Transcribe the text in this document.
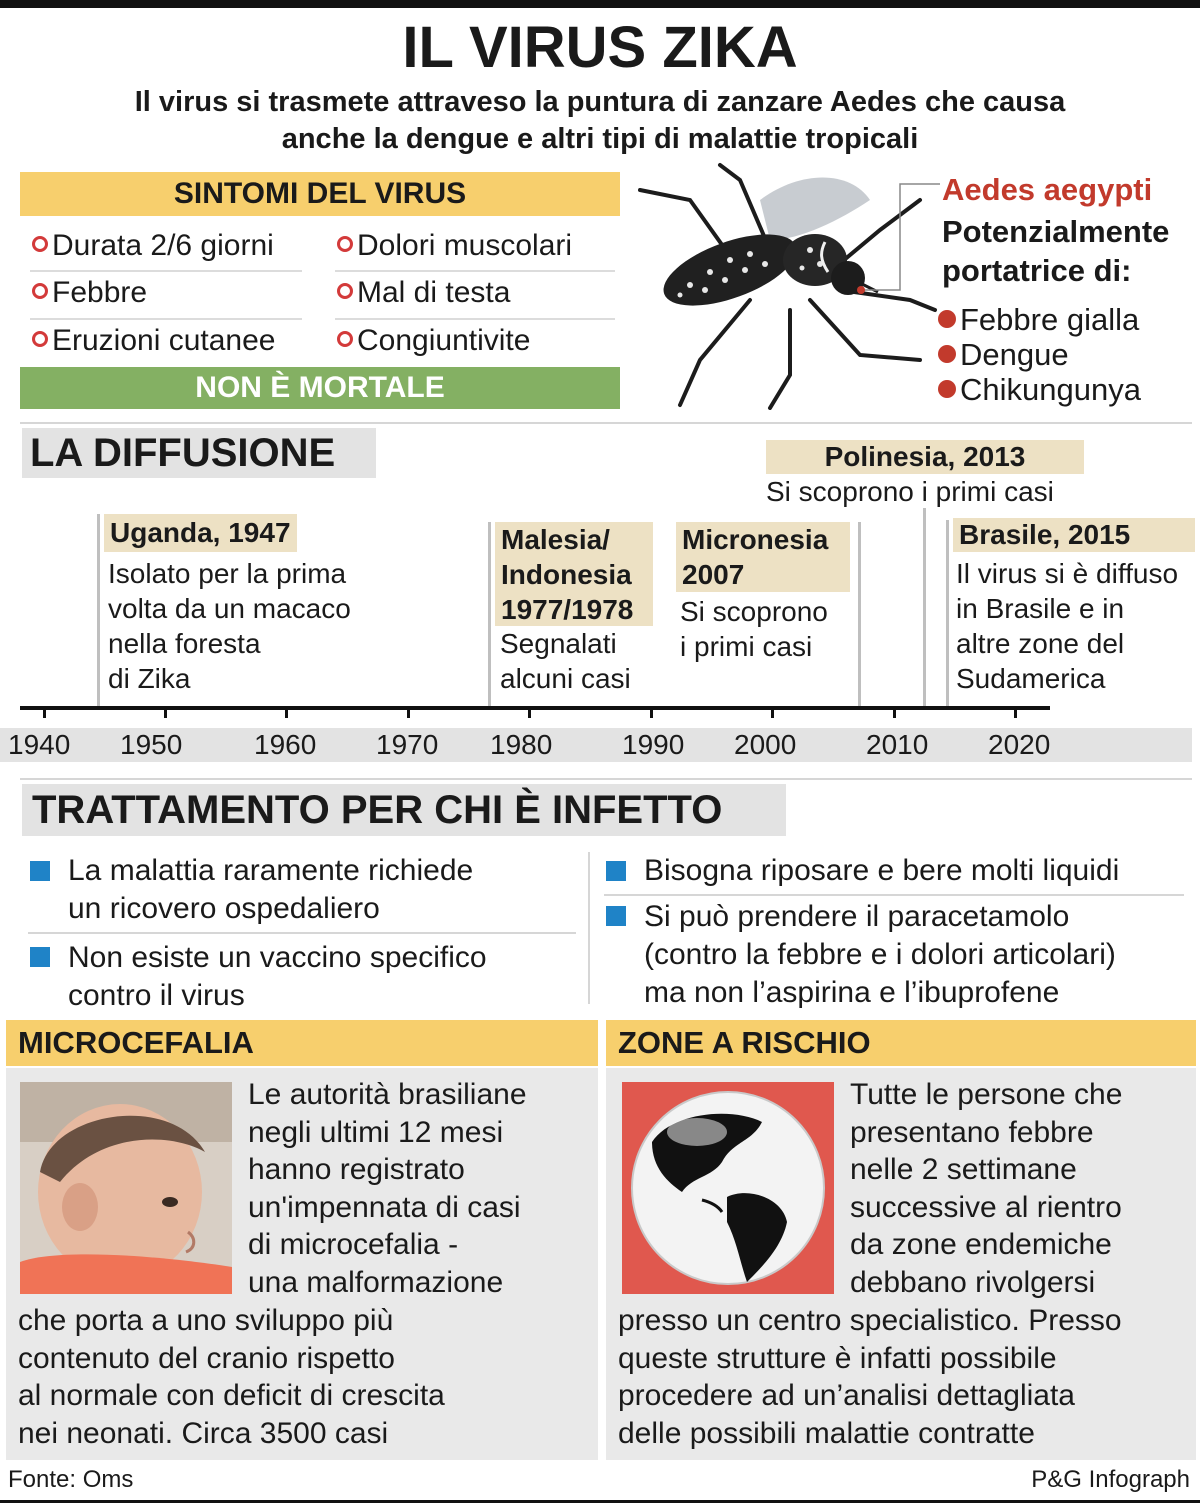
IL VIRUS ZIKA
Il virus si trasmete attraveso la puntura di zanzare Aedes che causa
anche la dengue e altri tipi di malattie tropicali
SINTOMI DEL VIRUS
Durata 2/6 giorni	Dolori muscolari
Febbre	Mal di testa
Eruzioni cutanee	Congiuntivite
NON È MORTALE
Aedes aegypti
Potenzialmente
portatrice di:
Febbre gialla
Dengue
Chikungunya
LA DIFFUSIONE	Polinesia, 2013
Si scoprono i primi casi
Uganda, 1947
Isolato per la prima
volta da un macaco
nella foresta
di Zika
Malesia/
Indonesia
1977/1978
Segnalati
alcuni casi
Micronesia
2007
Si scoprono
i primi casi
Brasile, 2015
Il virus si è diffuso
in Brasile e in
altre zone del
Sudamerica
1940 1950	1960 1970 1980 1990 2000 2010 2020
TRATTAMENTO PER CHI È INFETTO
La malattia raramente richiede
un ricovero ospedaliero
Non esiste un vaccino specifico
contro il virus
Bisogna riposare e bere molti liquidi
Si può prendere il paracetamolo
(contro la febbre e i dolori articolari)
ma non l’aspirina e l’ibuprofene
MICROCEFALIA
Le autorità brasiliane
negli ultimi 12 mesi
hanno registrato
un'impennata di casi
di microcefalia -
una malformazione
che porta a uno sviluppo più
contenuto del cranio rispetto
al normale con deficit di crescita
nei neonati. Circa 3500 casi
ZONE A RISCHIO
Tutte le persone che
presentano febbre
nelle 2 settimane
successive al rientro
da zone endemiche
debbano rivolgersi
presso un centro specialistico. Presso
queste strutture è infatti possibile
procedere ad un’analisi dettagliata
delle possibili malattie contratte
Fonte: Oms	P&G Infograph
